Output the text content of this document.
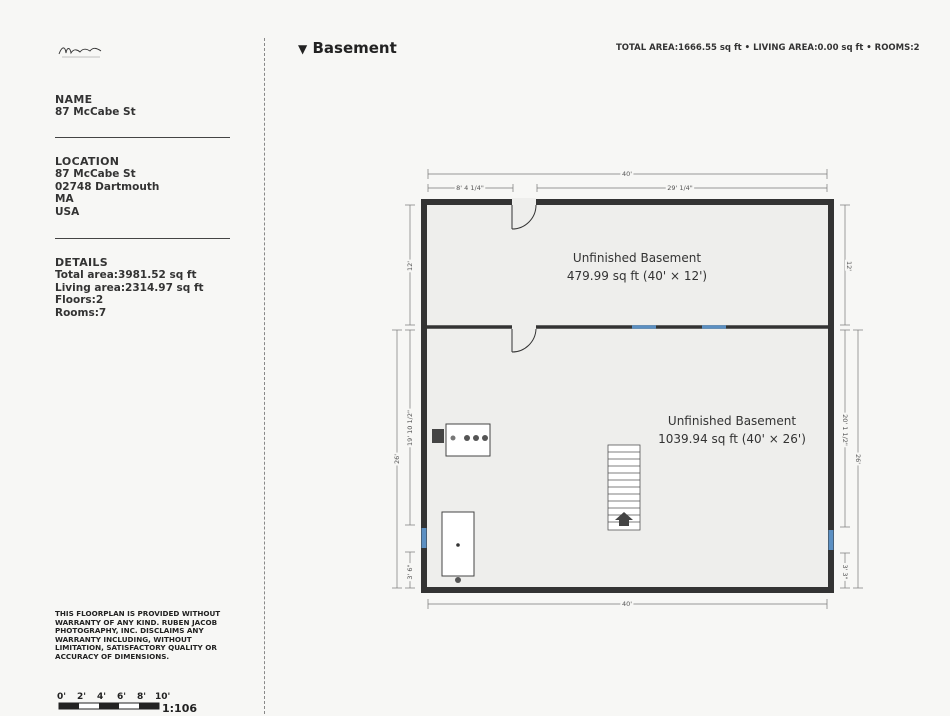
NAME
87 McCabe St
LOCATION
87 McCabe St
02748 Dartmouth
MA
USA
DETAILS
Total area:3981.52 sq ft
Living area:2314.97 sq ft
Floors:2
Rooms:7
THIS FLOORPLAN IS PROVIDED WITHOUT WARRANTY OF ANY KIND. RUBEN JACOB PHOTOGRAPHY, INC. DISCLAIMS ANY WARRANTY INCLUDING, WITHOUT LIMITATION, SATISFACTORY QUALITY OR ACCURACY OF DIMENSIONS.
0' 2' 4' 6' 8' 10'
1:106
▼ Basement	TOTAL AREA:1666.55 sq ft • LIVING AREA:0.00 sq ft • ROOMS:2
40'
8' 4 1/4"	29' 1/4"
40'
12'
26'
19' 10 1/2"
3' 6"
12'
26'
20' 1 1/2"
3' 3"
Unfinished Basement
479.99 sq ft (40' × 12')
Unfinished Basement
1039.94 sq ft (40' × 26')
